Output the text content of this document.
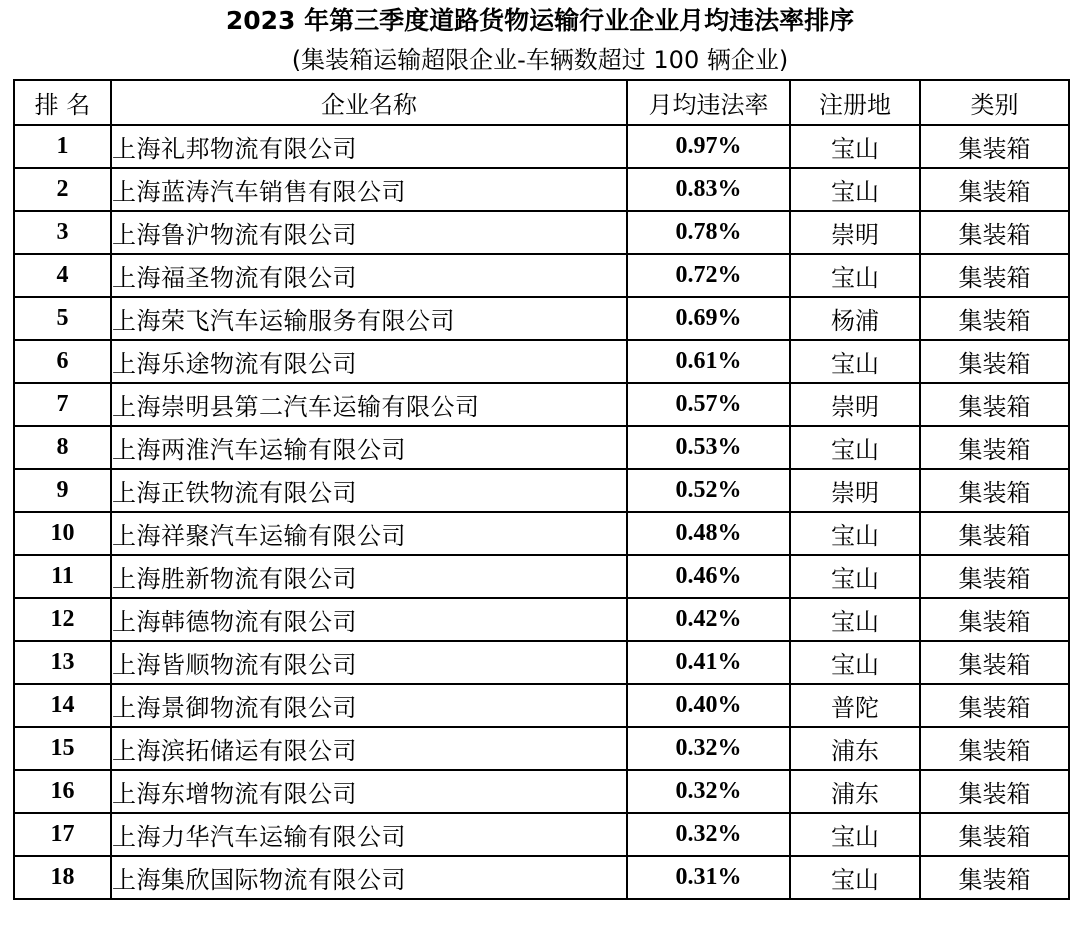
2023 年第三季度道路货物运输行业企业月均违法率排序
(集装箱运输超限企业-车辆数超过 100 辆企业)
排 名	企业名称	月均违法率	注册地	类别
1	上海礼邦物流有限公司	0.97%	宝山	集装箱
2	上海蓝涛汽车销售有限公司	0.83%	宝山	集装箱
3	上海鲁沪物流有限公司	0.78%	崇明	集装箱
4	上海福圣物流有限公司	0.72%	宝山	集装箱
5	上海荣飞汽车运输服务有限公司	0.69%	杨浦	集装箱
6	上海乐途物流有限公司	0.61%	宝山	集装箱
7	上海崇明县第二汽车运输有限公司	0.57%	崇明	集装箱
8	上海两淮汽车运输有限公司	0.53%	宝山	集装箱
9	上海正铁物流有限公司	0.52%	崇明	集装箱
10	上海祥聚汽车运输有限公司	0.48%	宝山	集装箱
11	上海胜新物流有限公司	0.46%	宝山	集装箱
12	上海韩德物流有限公司	0.42%	宝山	集装箱
13	上海皆顺物流有限公司	0.41%	宝山	集装箱
14	上海景御物流有限公司	0.40%	普陀	集装箱
15	上海滨拓储运有限公司	0.32%	浦东	集装箱
16	上海东增物流有限公司	0.32%	浦东	集装箱
17	上海力华汽车运输有限公司	0.32%	宝山	集装箱
18	上海集欣国际物流有限公司	0.31%	宝山	集装箱
